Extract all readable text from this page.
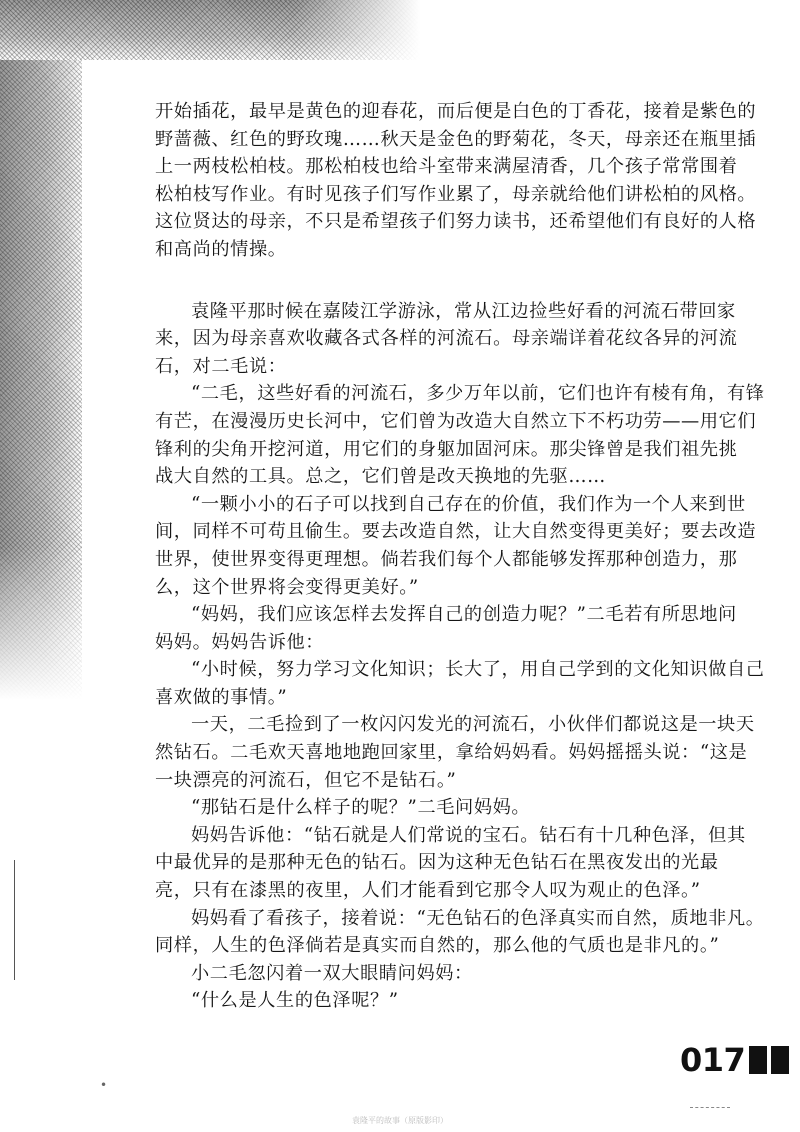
开始插花，最早是黄色的迎春花，而后便是白色的丁香花，接着是紫色的
野蔷薇、红色的野玫瑰……秋天是金色的野菊花，冬天，母亲还在瓶里插
上一两枝松柏枝。那松柏枝也给斗室带来满屋清香，几个孩子常常围着
松柏枝写作业。有时见孩子们写作业累了，母亲就给他们讲松柏的风格。
这位贤达的母亲，不只是希望孩子们努力读书，还希望他们有良好的人格
和高尚的情操。
袁隆平那时候在嘉陵江学游泳，常从江边捡些好看的河流石带回家
来，因为母亲喜欢收藏各式各样的河流石。母亲端详着花纹各异的河流
石，对二毛说：
“二毛，这些好看的河流石，多少万年以前，它们也许有棱有角，有锋
有芒，在漫漫历史长河中，它们曾为改造大自然立下不朽功劳——用它们
锋利的尖角开挖河道，用它们的身躯加固河床。那尖锋曾是我们祖先挑
战大自然的工具。总之，它们曾是改天换地的先驱……
“一颗小小的石子可以找到自己存在的价值，我们作为一个人来到世
间，同样不可苟且偷生。要去改造自然，让大自然变得更美好；要去改造
世界，使世界变得更理想。倘若我们每个人都能够发挥那种创造力，那
么，这个世界将会变得更美好。”
“妈妈，我们应该怎样去发挥自己的创造力呢？”二毛若有所思地问
妈妈。妈妈告诉他：
“小时候，努力学习文化知识；长大了，用自己学到的文化知识做自己
喜欢做的事情。”
一天，二毛捡到了一枚闪闪发光的河流石，小伙伴们都说这是一块天
然钻石。二毛欢天喜地地跑回家里，拿给妈妈看。妈妈摇摇头说：“这是
一块漂亮的河流石，但它不是钻石。”
“那钻石是什么样子的呢？”二毛问妈妈。
妈妈告诉他：“钻石就是人们常说的宝石。钻石有十几种色泽，但其
中最优异的是那种无色的钻石。因为这种无色钻石在黑夜发出的光最
亮，只有在漆黑的夜里，人们才能看到它那令人叹为观止的色泽。”
妈妈看了看孩子，接着说：“无色钻石的色泽真实而自然，质地非凡。
同样，人生的色泽倘若是真实而自然的，那么他的气质也是非凡的。”
小二毛忽闪着一双大眼睛问妈妈：
“什么是人生的色泽呢？”
017
•
袁隆平的故事（原版影印）
